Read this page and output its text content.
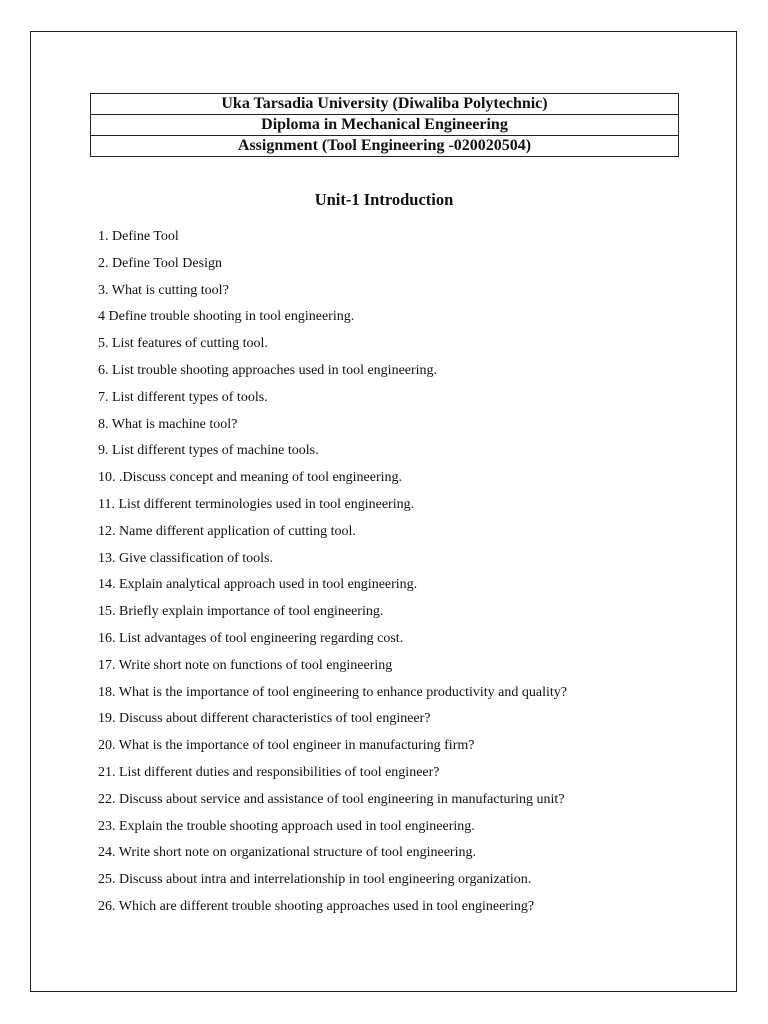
Uka Tarsadia University (Diwaliba Polytechnic)
Diploma in Mechanical Engineering
Assignment (Tool Engineering -020020504)
Unit-1 Introduction
1. Define Tool
2. Define Tool Design
3. What is cutting tool?
4 Define trouble shooting in tool engineering.
5. List features of cutting tool.
6. List trouble shooting approaches used in tool engineering.
7. List different types of tools.
8. What is machine tool?
9. List different types of machine tools.
10. .Discuss concept and meaning of tool engineering.
11. List different terminologies used in tool engineering.
12. Name different application of cutting tool.
13. Give classification of tools.
14. Explain analytical approach used in tool engineering.
15. Briefly explain importance of tool engineering.
16. List advantages of tool engineering regarding cost.
17. Write short note on functions of tool engineering
18. What is the importance of tool engineering to enhance productivity and quality?
19. Discuss about different characteristics of tool engineer?
20. What is the importance of tool engineer in manufacturing firm?
21. List different duties and responsibilities of tool engineer?
22. Discuss about service and assistance of tool engineering in manufacturing unit?
23. Explain the trouble shooting approach used in tool engineering.
24. Write short note on organizational structure of tool engineering.
25. Discuss about intra and interrelationship in tool engineering organization.
26. Which are different trouble shooting approaches used in tool engineering?
